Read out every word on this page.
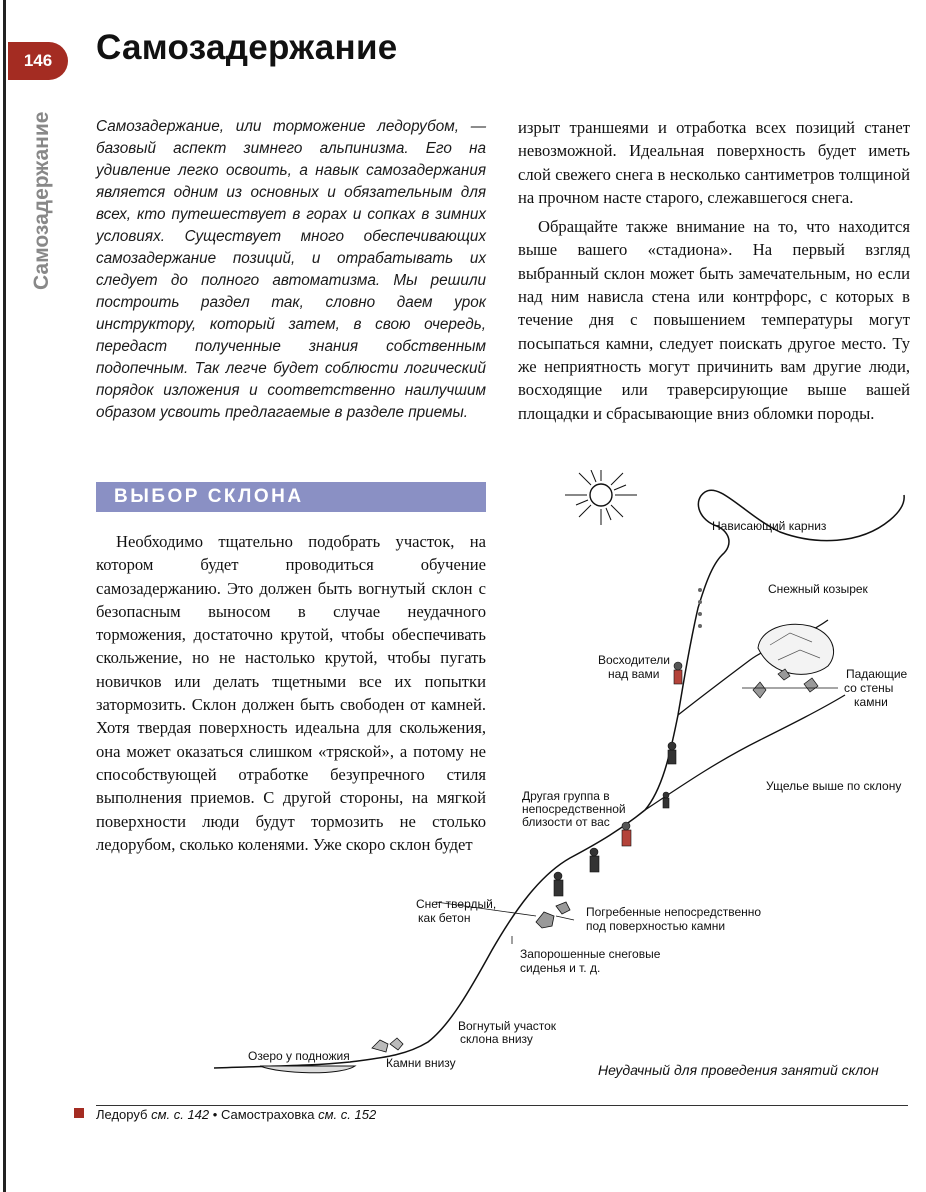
146	Самозадержание
Самозадержание	Самозадержание, или торможение ледорубом, — базовый аспект зимнего альпинизма. Его на удивление легко освоить, а навык самозадержания является одним из основных и обязательным для всех, кто путешествует в горах и сопках в зимних условиях. Существует много обеспечивающих самозадержание позиций, и отрабатывать их следует до полного автоматизма. Мы решили построить раздел так, словно даем урок инструктору, который затем, в свою очередь, передаст полученные знания собственным подопечным. Так легче будет соблюсти логический порядок изложения и соответственно наилучшим образом усвоить предлагаемые в разделе приемы.

изрыт траншеями и отработка всех позиций станет невозможной. Идеальная поверхность будет иметь слой свежего снега в несколько сантиметров толщиной на прочном насте старого, слежавшегося снега.

Обращайте также внимание на то, что находится выше вашего «стадиона». На первый взгляд выбранный склон может быть замечательным, но если над ним нависла стена или контрфорс, с которых в течение дня с повышением температуры могут посыпаться камни, следует поискать другое место. Ту же неприятность могут причинить вам другие люди, восходящие или траверсирующие выше вашей площадки и сбрасывающие вниз обломки породы.

ВЫБОР СКЛОНА

Необходимо тщательно подобрать участок, на котором будет проводиться обучение самозадержанию. Это должен быть вогнутый склон с безопасным выносом в случае неудачного торможения, достаточно крутой, чтобы обеспечивать скольжение, но не настолько крутой, чтобы пугать новичков или делать тщетными все их попытки затормозить. Склон должен быть свободен от камней. Хотя твердая поверхность идеальна для скольжения, она может оказаться слишком «тряской», а потому не способствующей отработке безупречного стиля выполнения приемов. С другой стороны, на мягкой поверхности люди будут тормозить не столько ледорубом, сколько коленями. Уже скоро склон будет

Нависающий карниз
Снежный козырек
Восходители
над вами	Падающие
со стены
камни
Ущелье выше по склону
Другая группа в
непосредственной
близости от вас
Снег твердый,
как бетон	Погребенные непосредственно
под поверхностью камни
Запорошенные снеговые
сиденья и т. д.
Вогнутый участок
склона внизу
Озеро у подножия	Камни внизу	Неудачный для проведения занятий склон
Ледоруб см. с. 142 • Самостраховка см. с. 152
